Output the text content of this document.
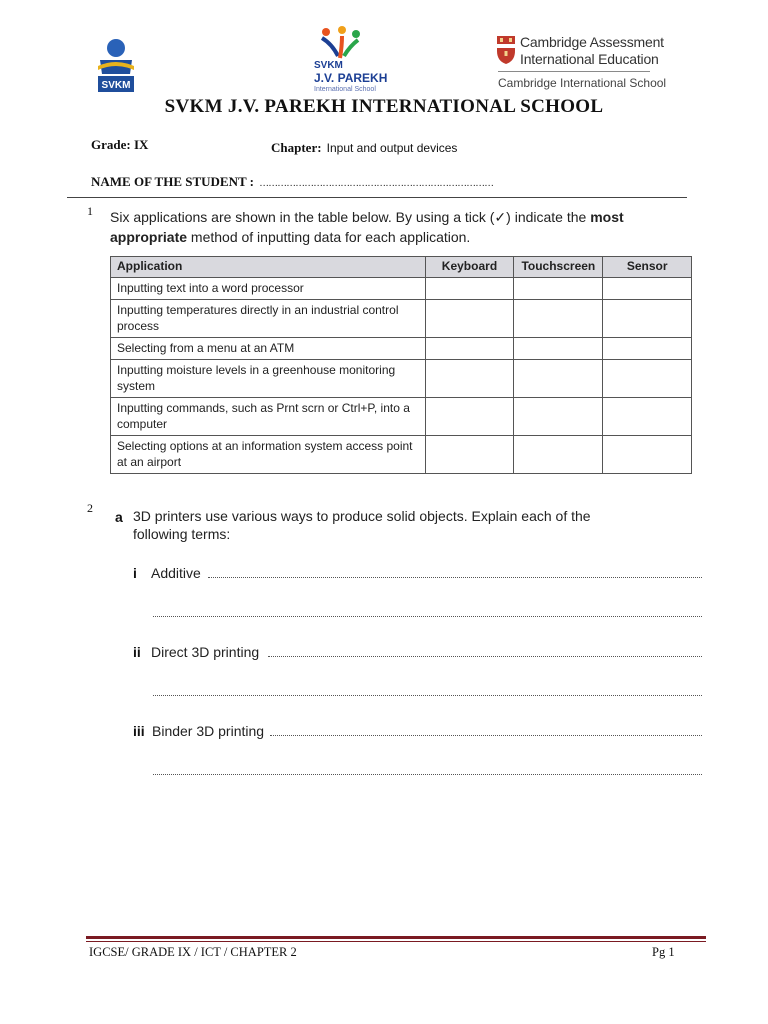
SVKM
SVKM
J.V. PAREKH
International School
Cambridge Assessment
International Education
Cambridge International School
SVKM J.V. PAREKH INTERNATIONAL SCHOOL
Grade: IX	Chapter: Input and output devices
NAME OF THE STUDENT : ……………………………………………………………………
1 Six applications are shown in the table below. By using a tick (✓) indicate the most appropriate method of inputting data for each application.
Application	Keyboard	Touchscreen	Sensor
Inputting text into a word processor			
Inputting temperatures directly in an industrial control process			
Selecting from a menu at an ATM			
Inputting moisture levels in a greenhouse monitoring system			
Inputting commands, such as Prnt scrn or Ctrl+P, into a computer			
Selecting options at an information system access point at an airport			
2
a 3D printers use various ways to produce solid objects. Explain each of the following terms:
i Additive
ii Direct 3D printing
iii Binder 3D printing
IGCSE/ GRADE IX / ICT / CHAPTER 2	Pg 1
